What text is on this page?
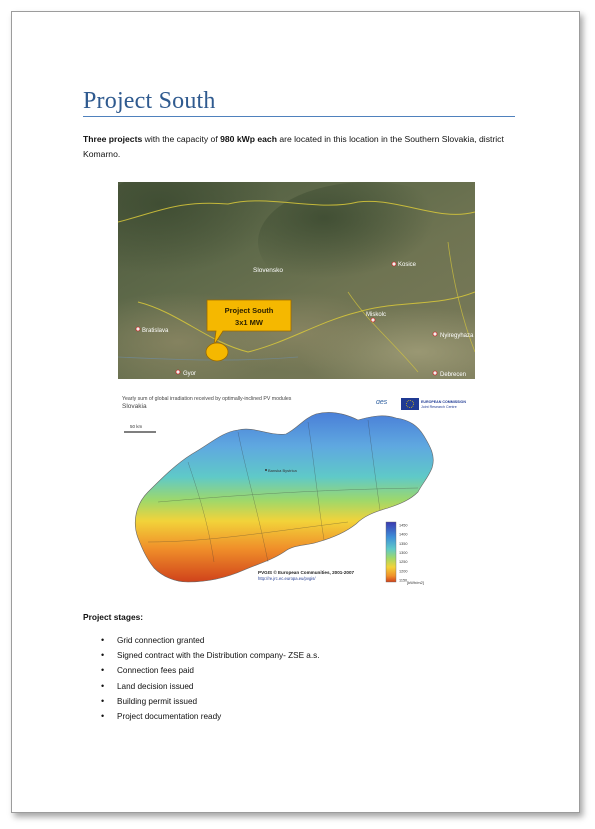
Project South
Three projects with the capacity of 980 kWp each are located in this location in the Southern Slovakia, district Komarno.
Slovensko
Kosice
Bratislava
Miskolc
Nyiregyhaza
Gyor	Debrecen
Project South
3x1 MW
Yearly sum of global irradiation received by optimally-inclined PV modules
Slovakia
50 km
ɑes	EUROPEAN COMMISSION
Joint Research Centre
Banska Bystrica
PVGIS © European Communities, 2001-2007
http://re.jrc.ec.europa.eu/pvgis/
1450
1400
1350
1300
1250
1200
1150 [kWh/m2]
Project stages:
• Grid connection granted
• Signed contract with the Distribution company- ZSE a.s.
• Connection fees paid
• Land decision issued
• Building permit issued
• Project documentation ready
